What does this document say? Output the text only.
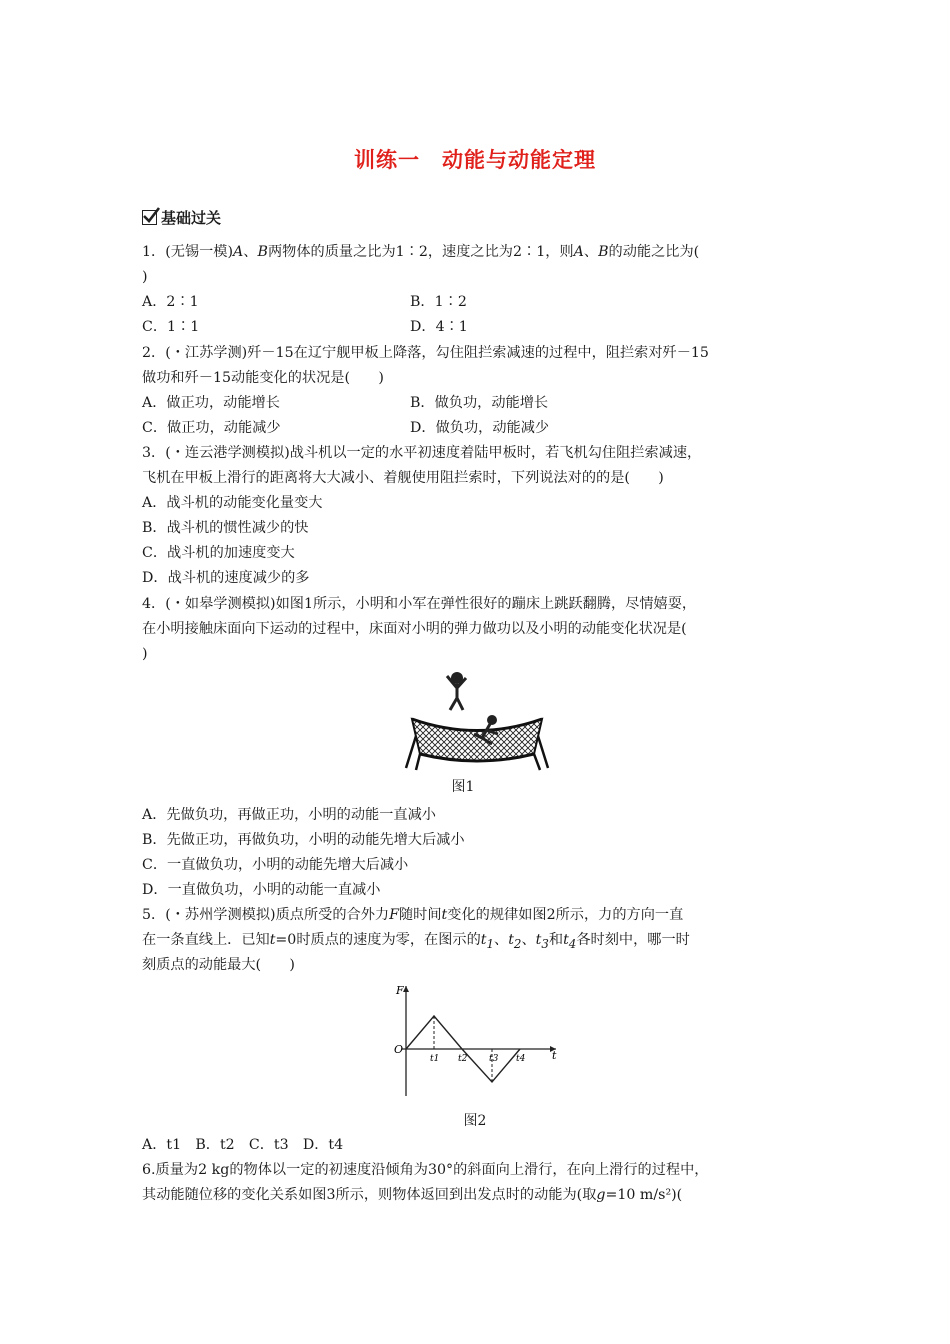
训练一　动能与动能定理
基础过关
1．(无锡一模)A、B两物体的质量之比为1∶2，速度之比为2∶1，则A、B的动能之比为(
)
A．2∶1	B．1∶2
C．1∶1	D．4∶1
2．(・江苏学测)歼－15在辽宁舰甲板上降落，勾住阻拦索减速的过程中，阻拦索对歼－15
做功和歼－15动能变化的状况是(　　)
A．做正功，动能增长	B．做负功，动能增长
C．做正功，动能减少	D．做负功，动能减少
3．(・连云港学测模拟)战斗机以一定的水平初速度着陆甲板时，若飞机勾住阻拦索减速，
飞机在甲板上滑行的距离将大大减小、着舰使用阻拦索时，下列说法对的的是(　　)
A．战斗机的动能变化量变大
B．战斗机的惯性减少的快
C．战斗机的加速度变大
D．战斗机的速度减少的多
4．(・如皋学测模拟)如图1所示，小明和小军在弹性很好的蹦床上跳跃翻腾，尽情嬉耍，
在小明接触床面向下运动的过程中，床面对小明的弹力做功以及小明的动能变化状况是(
)
图1
A．先做负功，再做正功，小明的动能一直减小
B．先做正功，再做负功，小明的动能先增大后减小
C．一直做负功，小明的动能先增大后减小
D．一直做负功，小明的动能一直减小
5．(・苏州学测模拟)质点所受的合外力F随时间t变化的规律如图2所示，力的方向一直
在一条直线上．已知t=0时质点的速度为零，在图示的$t_1$、$t_2$、$t_3$和$t_4$各时刻中，哪一时
刻质点的动能最大(　　)
F
t
O
t1 t2 t3 t4
图2
A．t1　B．t2　C．t3　D．t4
6.质量为2 kg的物体以一定的初速度沿倾角为30°的斜面向上滑行，在向上滑行的过程中，
其动能随位移的变化关系如图3所示，则物体返回到出发点时的动能为(取g=10 m/s²)(
